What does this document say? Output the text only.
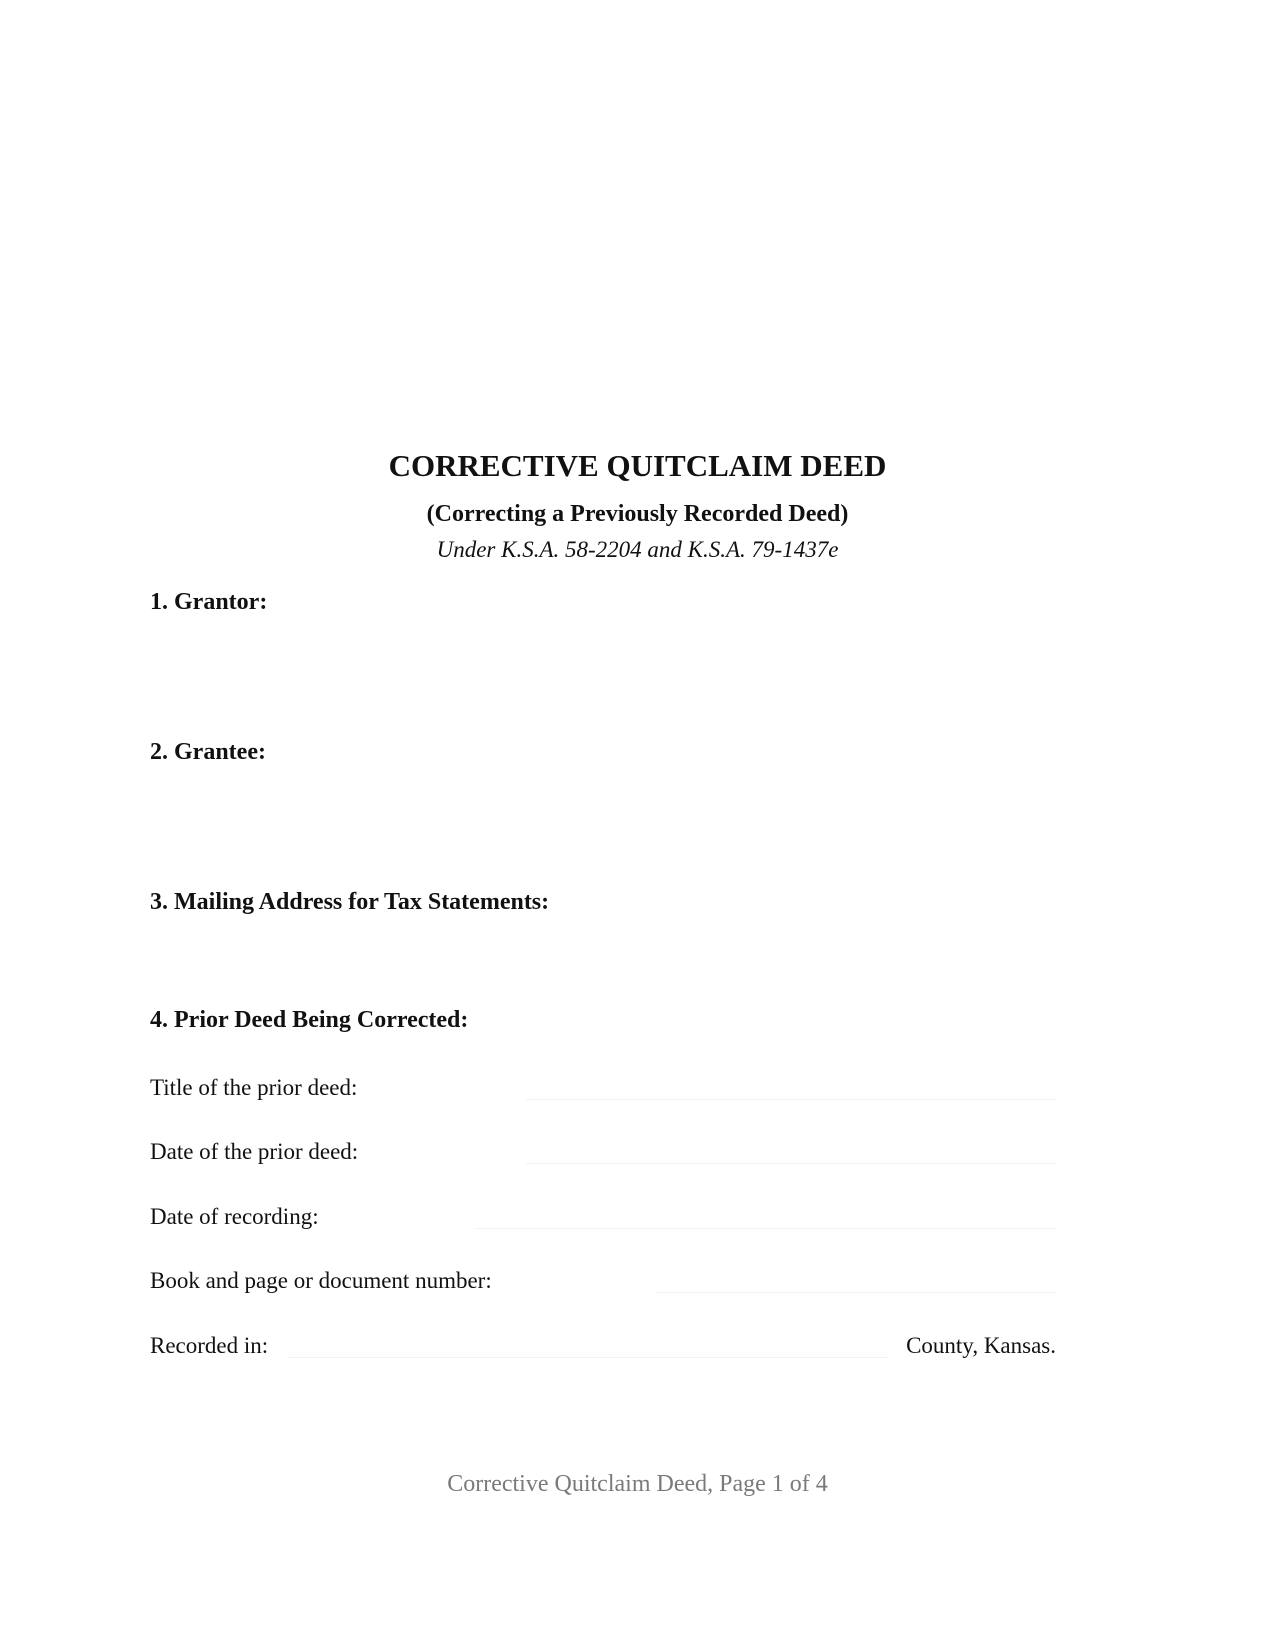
CORRECTIVE QUITCLAIM DEED
(Correcting a Previously Recorded Deed)
Under K.S.A. 58-2204 and K.S.A. 79-1437e
1. Grantor:
2. Grantee:
3. Mailing Address for Tax Statements:
4. Prior Deed Being Corrected:
Title of the prior deed:
Date of the prior deed:
Date of recording:
Book and page or document number:
Recorded in:	County, Kansas.
Corrective Quitclaim Deed, Page 1 of 4
